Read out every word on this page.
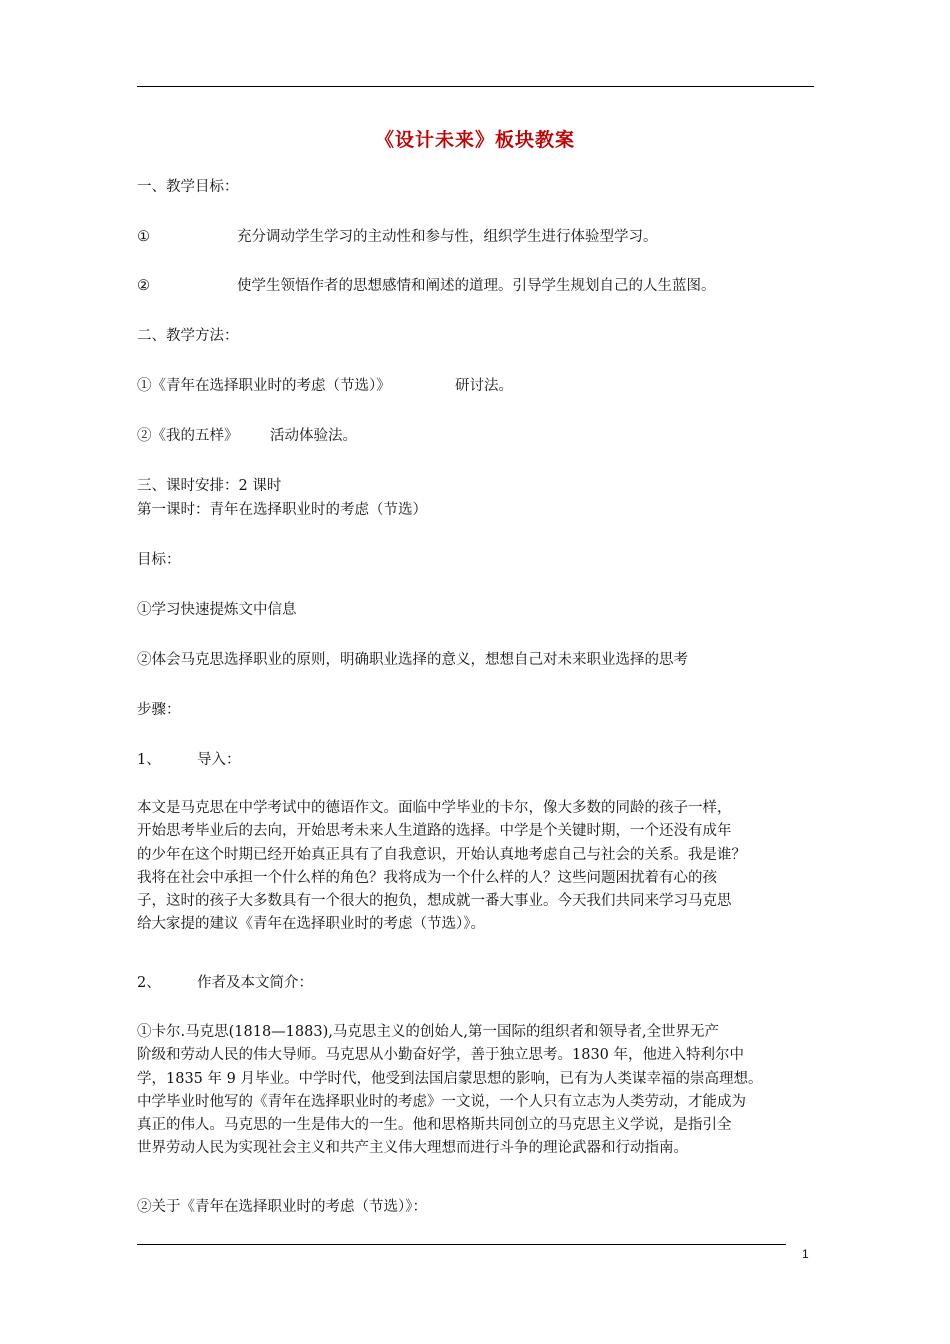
《设计未来》板块教案
一、教学目标：
①	充分调动学生学习的主动性和参与性，组织学生进行体验型学习。
②	使学生领悟作者的思想感情和阐述的道理。引导学生规划自己的人生蓝图。
二、教学方法：
①《青年在选择职业时的考虑（节选）》	研讨法。
②《我的五样》 活动体验法。
三、课时安排：2 课时
第一课时：青年在选择职业时的考虑（节选）
目标：
①学习快速提炼文中信息
②体会马克思选择职业的原则，明确职业选择的意义，想想自己对未来职业选择的思考
步骤：
1、	导入：

本文是马克思在中学考试中的德语作文。面临中学毕业的卡尔，像大多数的同龄的孩子一样，

开始思考毕业后的去向，开始思考未来人生道路的选择。中学是个关键时期，一个还没有成年

的少年在这个时期已经开始真正具有了自我意识，开始认真地考虑自己与社会的关系。我是谁？

我将在社会中承担一个什么样的角色？我将成为一个什么样的人？这些问题困扰着有心的孩

子，这时的孩子大多数具有一个很大的抱负，想成就一番大事业。今天我们共同来学习马克思

给大家提的建议《青年在选择职业时的考虑（节选）》。

2、	作者及本文简介：

①卡尔.马克思(1818—1883),马克思主义的创始人,第一国际的组织者和领导者,全世界无产

阶级和劳动人民的伟大导师。马克思从小勤奋好学，善于独立思考。1830 年，他进入特利尔中

学，1835 年 9 月毕业。中学时代，他受到法国启蒙思想的影响，已有为人类谋幸福的崇高理想。

中学毕业时他写的《青年在选择职业时的考虑》一文说，一个人只有立志为人类劳动，才能成为

真正的伟人。马克思的一生是伟大的一生。他和思格斯共同创立的马克思主义学说，是指引全

世界劳动人民为实现社会主义和共产主义伟大理想而进行斗争的理论武器和行动指南。

②关于《青年在选择职业时的考虑（节选）》：
1
